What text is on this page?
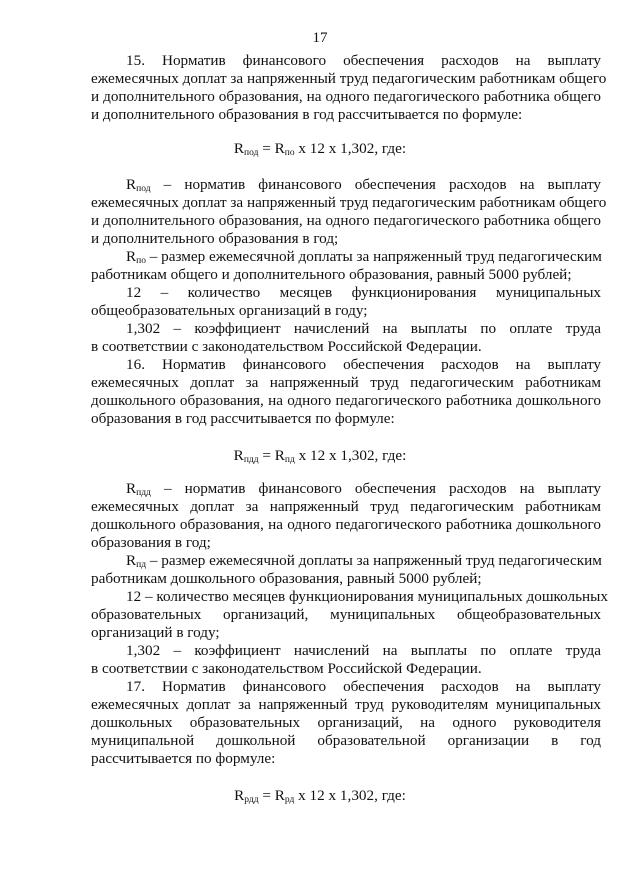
17
15. Норматив финансового обеспечения расходов на выплату
ежемесячных доплат за напряженный труд педагогическим работникам общего
и дополнительного образования, на одного педагогического работника общего
и дополнительного образования в год рассчитывается по формуле:
$R_{под} = R_{по}$ х 12 х 1,302, где:
$R_{под}$ – норматив финансового обеспечения расходов на выплату
ежемесячных доплат за напряженный труд педагогическим работникам общего
и дополнительного образования, на одного педагогического работника общего
и дополнительного образования в год;
$R_{по}$ – размер ежемесячной доплаты за напряженный труд педагогическим
работникам общего и дополнительного образования, равный 5000 рублей;
12 – количество месяцев функционирования муниципальных
общеобразовательных организаций в году;
1,302 – коэффициент начислений на выплаты по оплате труда
в соответствии с законодательством Российской Федерации.
16. Норматив финансового обеспечения расходов на выплату
ежемесячных доплат за напряженный труд педагогическим работникам
дошкольного образования, на одного педагогического работника дошкольного
образования в год рассчитывается по формуле:
$R_{пдд} = R_{пд}$ х 12 х 1,302, где:
$R_{пдд}$ – норматив финансового обеспечения расходов на выплату
ежемесячных доплат за напряженный труд педагогическим работникам
дошкольного образования, на одного педагогического работника дошкольного
образования в год;
$R_{пд}$ – размер ежемесячной доплаты за напряженный труд педагогическим
работникам дошкольного образования, равный 5000 рублей;
12 – количество месяцев функционирования муниципальных дошкольных
образовательных организаций, муниципальных общеобразовательных
организаций в году;
1,302 – коэффициент начислений на выплаты по оплате труда
в соответствии с законодательством Российской Федерации.
17. Норматив финансового обеспечения расходов на выплату
ежемесячных доплат за напряженный труд руководителям муниципальных
дошкольных образовательных организаций, на одного руководителя
муниципальной дошкольной образовательной организации в год
рассчитывается по формуле:
$R_{рдд} = R_{рд}$ х 12 х 1,302, где:
